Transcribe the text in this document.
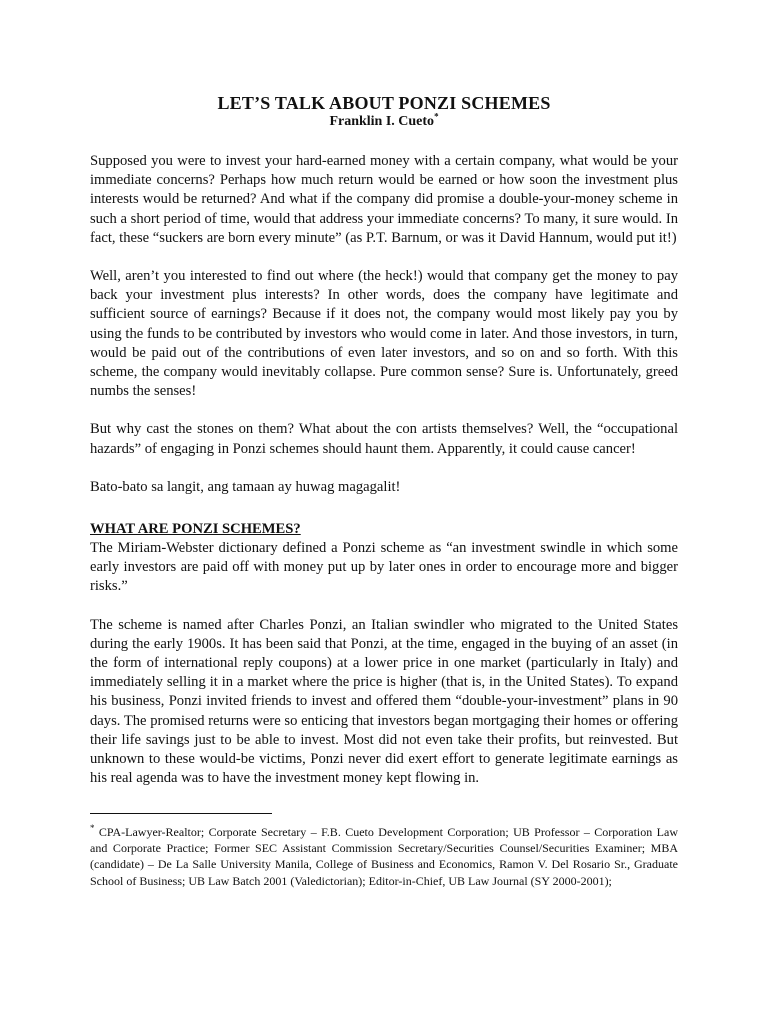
LET’S TALK ABOUT PONZI SCHEMES
Franklin I. Cueto*

Supposed you were to invest your hard-earned money with a certain company, what would be your immediate concerns? Perhaps how much return would be earned or how soon the investment plus interests would be returned? And what if the company did promise a double-your-money scheme in such a short period of time, would that address your immediate concerns? To many, it sure would. In fact, these “suckers are born every minute” (as P.T. Barnum, or was it David Hannum, would put it!)

Well, aren’t you interested to find out where (the heck!) would that company get the money to pay back your investment plus interests? In other words, does the company have legitimate and sufficient source of earnings? Because if it does not, the company would most likely pay you by using the funds to be contributed by investors who would come in later. And those investors, in turn, would be paid out of the contributions of even later investors, and so on and so forth. With this scheme, the company would inevitably collapse. Pure common sense? Sure is. Unfortunately, greed numbs the senses!

But why cast the stones on them? What about the con artists themselves? Well, the “occupational hazards” of engaging in Ponzi schemes should haunt them. Apparently, it could cause cancer!

Bato-bato sa langit, ang tamaan ay huwag magagalit!

WHAT ARE PONZI SCHEMES?

The Miriam-Webster dictionary defined a Ponzi scheme as “an investment swindle in which some early investors are paid off with money put up by later ones in order to encourage more and bigger risks.”

The scheme is named after Charles Ponzi, an Italian swindler who migrated to the United States during the early 1900s. It has been said that Ponzi, at the time, engaged in the buying of an asset (in the form of international reply coupons) at a lower price in one market (particularly in Italy) and immediately selling it in a market where the price is higher (that is, in the United States). To expand his business, Ponzi invited friends to invest and offered them “double-your-investment” plans in 90 days. The promised returns were so enticing that investors began mortgaging their homes or offering their life savings just to be able to invest. Most did not even take their profits, but reinvested. But unknown to these would-be victims, Ponzi never did exert effort to generate legitimate earnings as his real agenda was to have the investment money kept flowing in.

* CPA-Lawyer-Realtor; Corporate Secretary – F.B. Cueto Development Corporation; UB Professor – Corporation Law and Corporate Practice; Former SEC Assistant Commission Secretary/Securities Counsel/Securities Examiner; MBA (candidate) – De La Salle University Manila, College of Business and Economics, Ramon V. Del Rosario Sr., Graduate School of Business; UB Law Batch 2001 (Valedictorian); Editor-in-Chief, UB Law Journal (SY 2000-2001);
